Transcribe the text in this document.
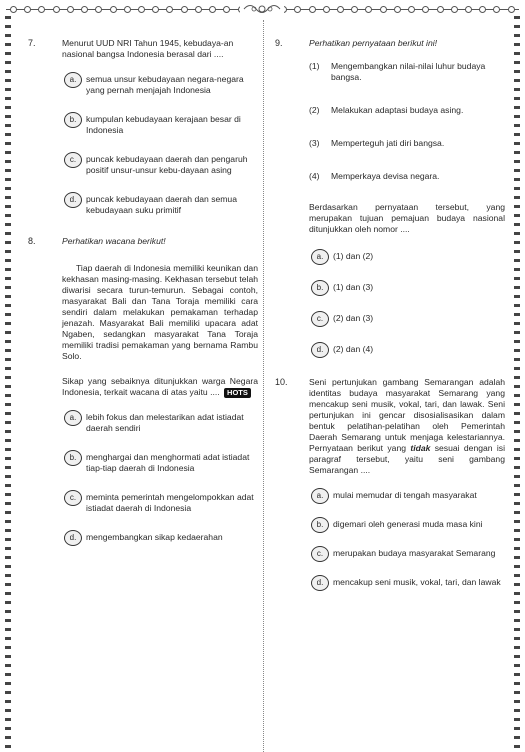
7.	Menurut UUD NRI Tahun 1945, kebudaya-an nasional bangsa Indonesia berasal dari ....

a.	semua unsur kebudayaan negara-negara yang pernah menjajah Indonesia
b.	kumpulan kebudayaan kerajaan besar di Indonesia
c.	puncak kebudayaan daerah dan pengaruh positif unsur-unsur kebu-dayaan asing
d.	puncak kebudayaan daerah dan semua kebudayaan suku primitif
8.	Perhatikan wacana berikut!

Tiap daerah di Indonesia memiliki keunikan dan kekhasan masing-masing. Kekhasan tersebut telah diwarisi secara turun-temurun. Sebagai contoh, masyarakat Bali dan Tana Toraja memiliki cara sendiri dalam melakukan pemakaman terhadap jenazah. Masyarakat Bali memiliki upacara adat Ngaben, sedangkan masyarakat Tana Toraja memiliki tradisi pemakaman yang bernama Rambu Solo.

Sikap yang sebaiknya ditunjukkan warga Negara Indonesia, terkait wacana di atas yaitu .... HOTS

a.	lebih fokus dan melestarikan adat istiadat daerah sendiri
b.	menghargai dan menghormati adat istiadat tiap-tiap daerah di Indonesia
c.	meminta pemerintah mengelompokkan adat istiadat daerah di Indonesia
d.	mengembangkan sikap kedaerahan
9.	Perhatikan pernyataan berikut ini!

(1)	Mengembangkan nilai-nilai luhur budaya bangsa.
(2)	Melakukan adaptasi budaya asing.
(3)	Memperteguh jati diri bangsa.
(4)	Memperkaya devisa negara.

Berdasarkan pernyataan tersebut, yang merupakan tujuan pemajuan budaya nasional ditunjukkan oleh nomor ....

a.	(1) dan (2)
b.	(1) dan (3)
c.	(2) dan (3)
d.	(2) dan (4)
10. Seni pertunjukan gambang Semarangan adalah identitas budaya masyarakat Semarang yang mencakup seni musik, vokal, tari, dan lawak. Seni pertunjukan ini gencar disosialisasikan dalam bentuk pelatihan-pelatihan oleh Pemerintah Daerah Semarang untuk menjaga kelestariannya. Pernyataan berikut yang tidak sesuai dengan isi paragraf tersebut, yaitu seni gambang Semarangan ....

a.	mulai memudar di tengah masyarakat
b.	digemari oleh generasi muda masa kini
c.	merupakan budaya masyarakat Semarang
d.	mencakup seni musik, vokal, tari, dan lawak
